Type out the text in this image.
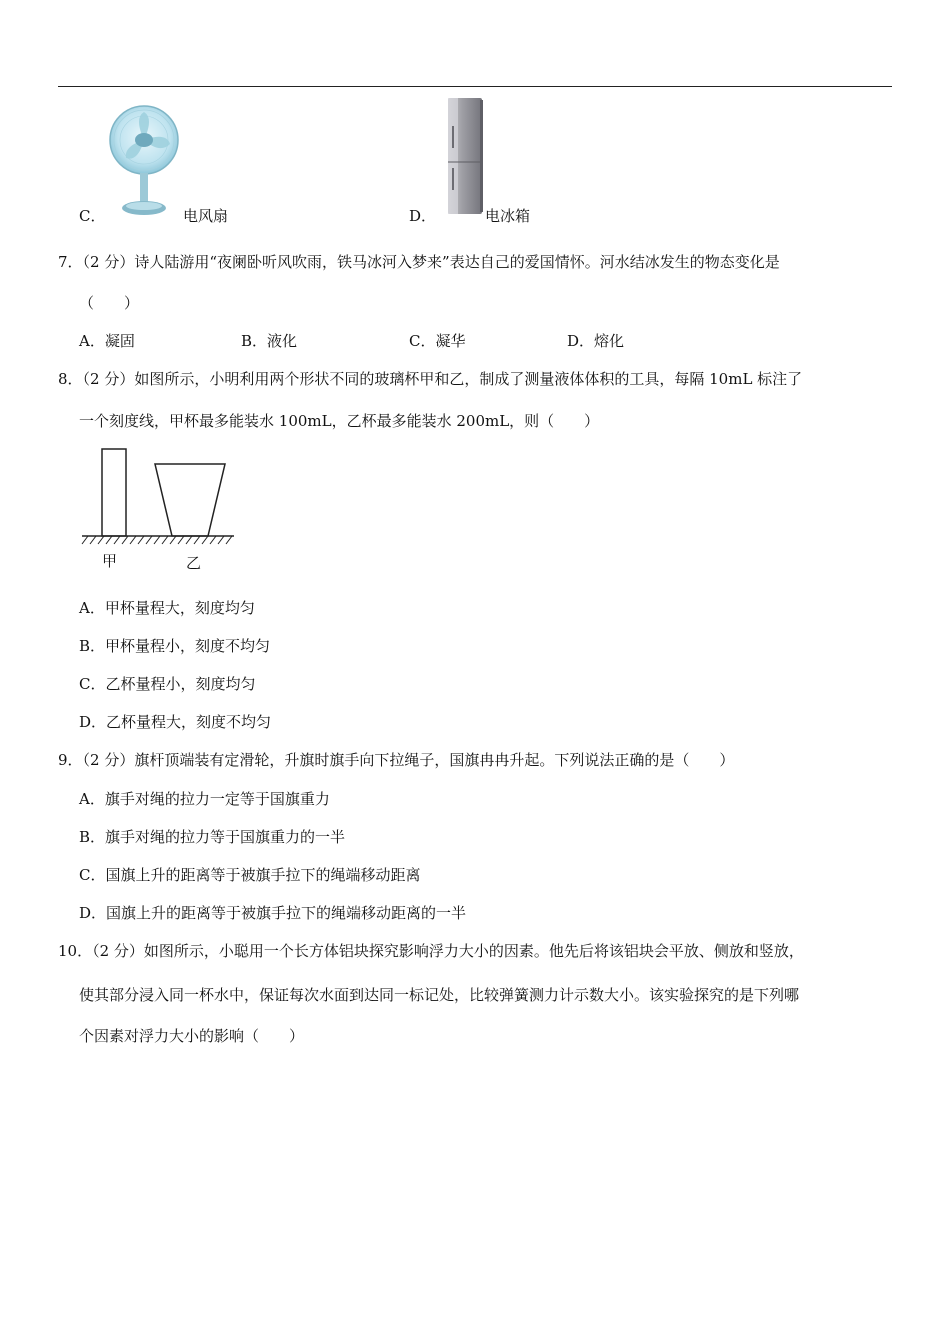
C．	电风扇	D．	电冰箱
7．（2 分）诗人陆游用“夜阑卧听风吹雨，铁马冰河入梦来”表达自己的爱国情怀。河水结冰发生的物态变化是
（　　）
A．凝固	B．液化	C．凝华	D．熔化
8．（2 分）如图所示，小明利用两个形状不同的玻璃杯甲和乙，制成了测量液体体积的工具，每隔 10mL 标注了
一个刻度线，甲杯最多能装水 100mL，乙杯最多能装水 200mL，则（　　）
甲	乙
A．甲杯量程大，刻度均匀
B．甲杯量程小，刻度不均匀
C．乙杯量程小，刻度均匀
D．乙杯量程大，刻度不均匀
9．（2 分）旗杆顶端装有定滑轮，升旗时旗手向下拉绳子，国旗冉冉升起。下列说法正确的是（　　）
A．旗手对绳的拉力一定等于国旗重力
B．旗手对绳的拉力等于国旗重力的一半
C．国旗上升的距离等于被旗手拉下的绳端移动距离
D．国旗上升的距离等于被旗手拉下的绳端移动距离的一半
10．（2 分）如图所示，小聪用一个长方体铝块探究影响浮力大小的因素。他先后将该铝块会平放、侧放和竖放，
使其部分浸入同一杯水中，保证每次水面到达同一标记处，比较弹簧测力计示数大小。该实验探究的是下列哪
个因素对浮力大小的影响（　　）
